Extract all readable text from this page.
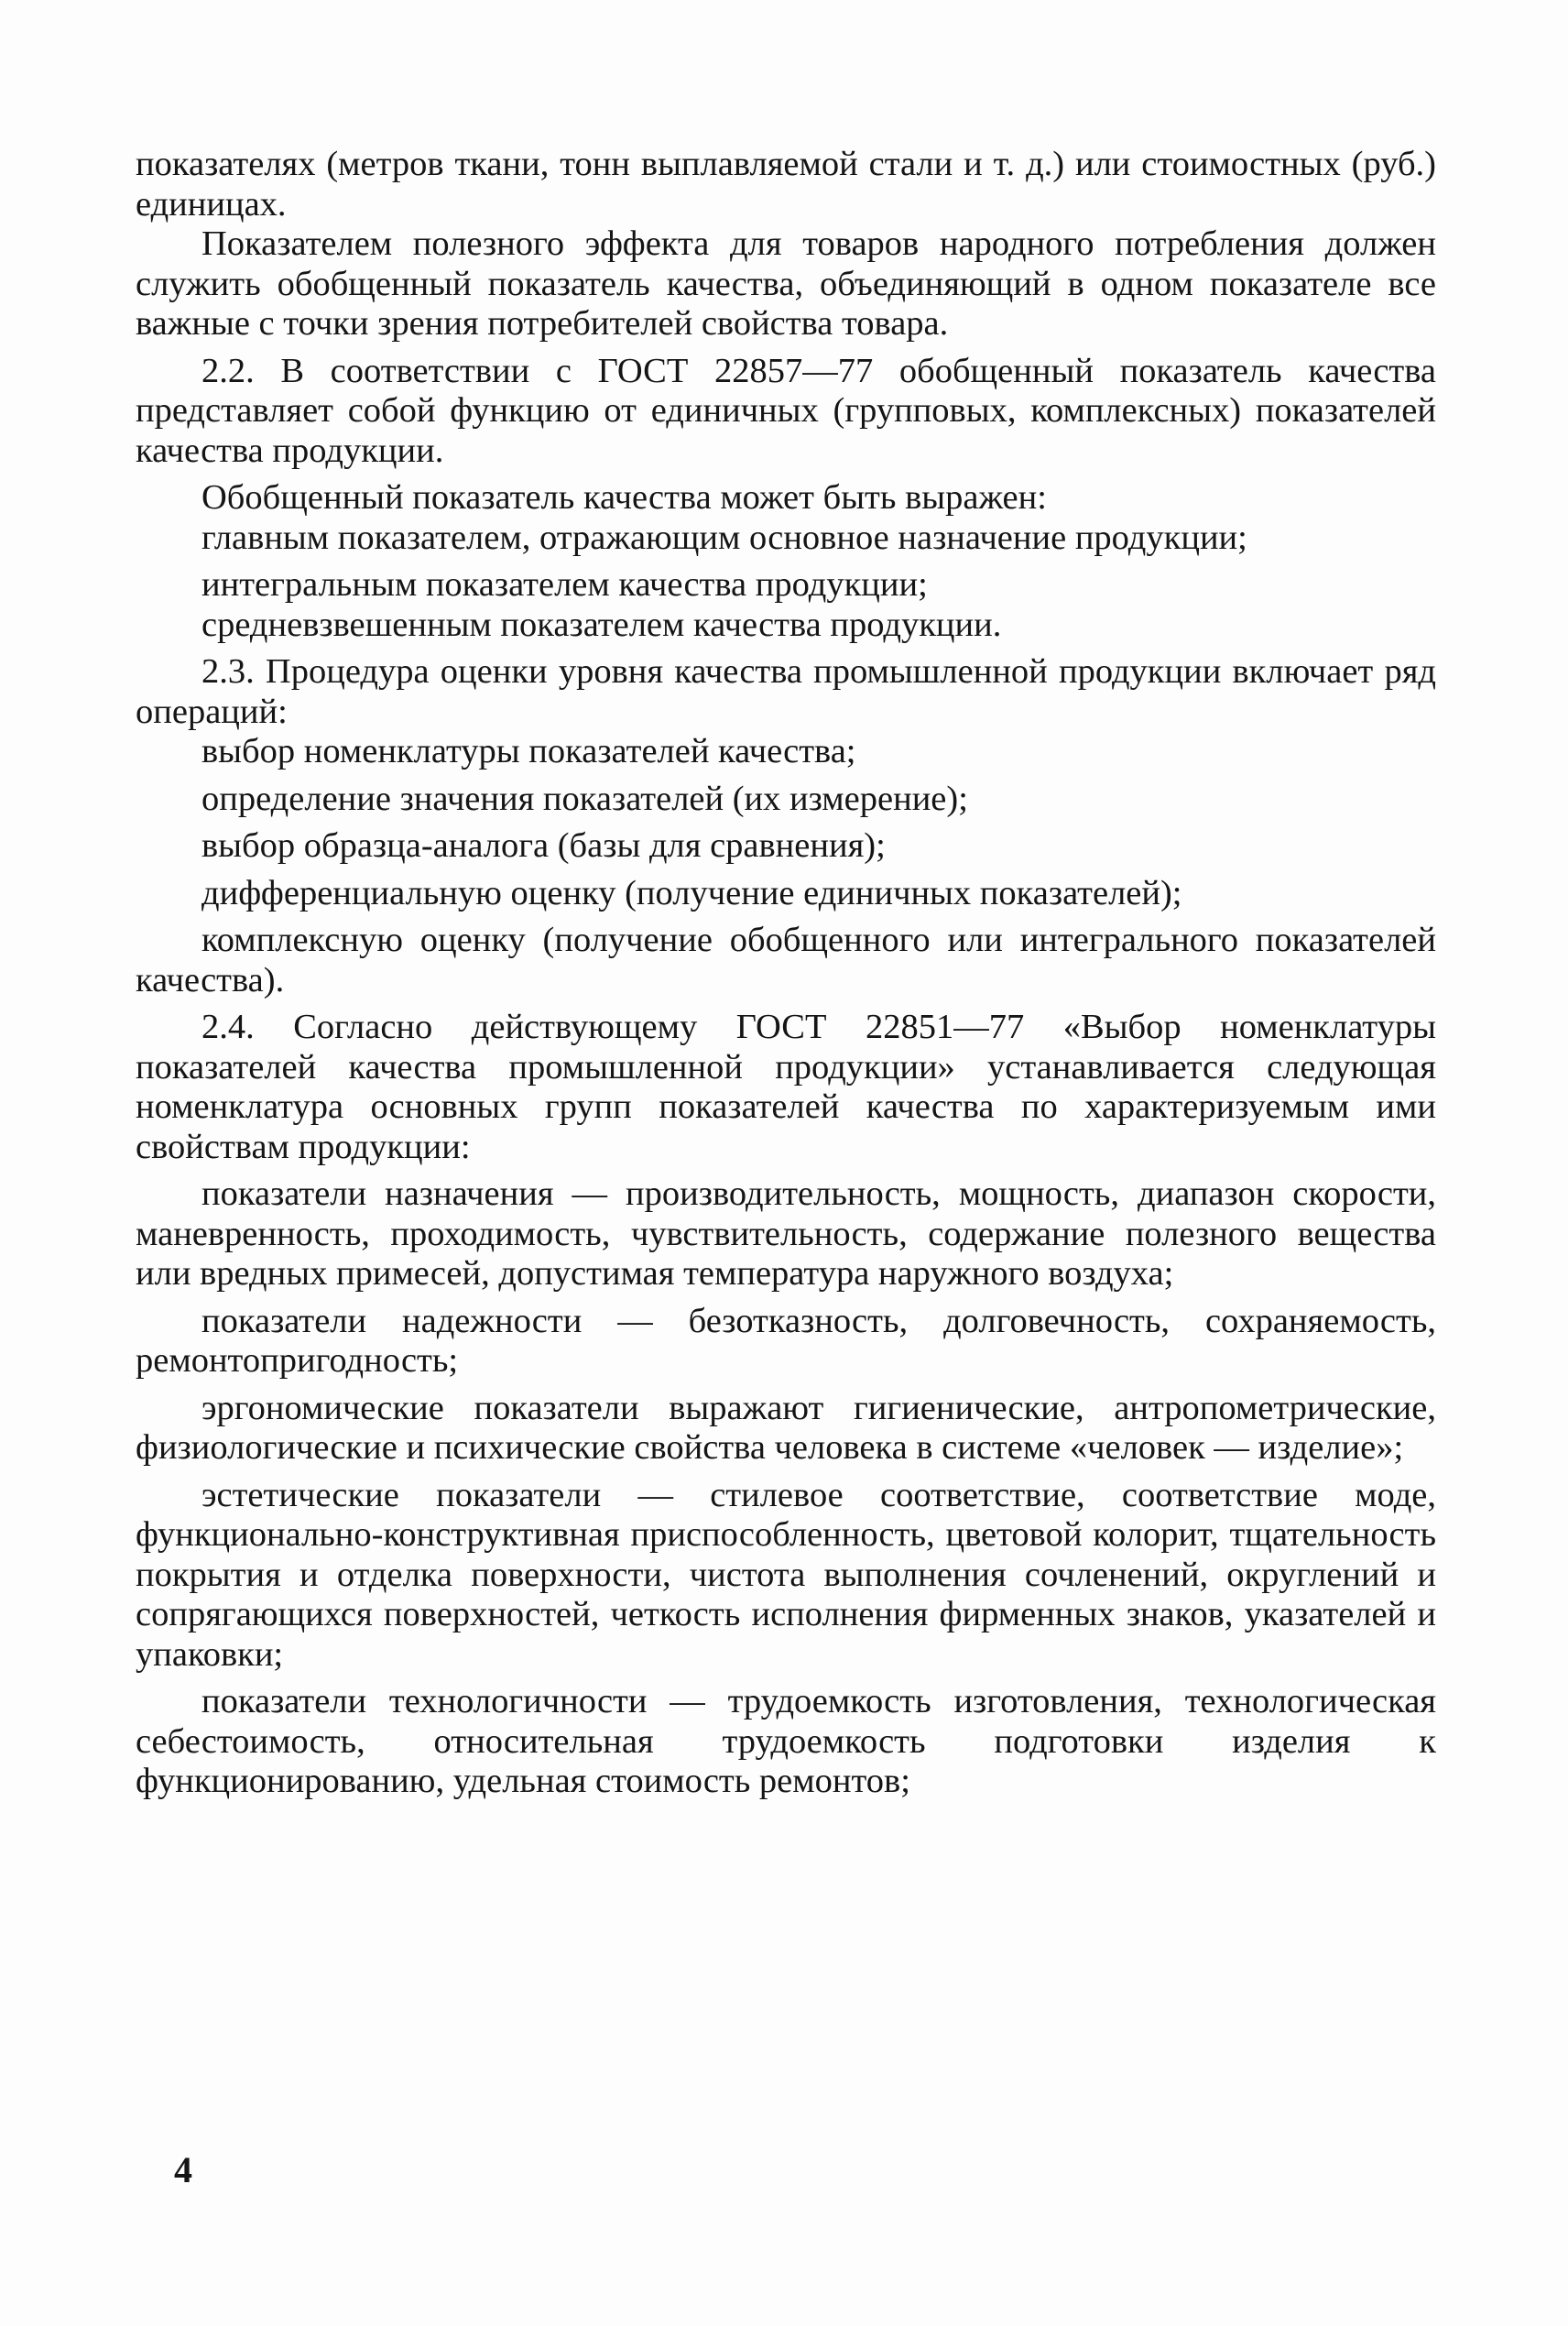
показателях (метров ткани, тонн выплавляемой стали и т. д.) или стоимостных (руб.) единицах.

Показателем полезного эффекта для товаров народного потребления должен служить обобщенный показатель качества, объединяющий в одном показателе все важные с точки зрения потребителей свойства товара.

2.2. В соответствии с ГОСТ 22857—77 обобщенный показатель качества представляет собой функцию от единичных (групповых, комплексных) показателей качества продукции.

Обобщенный показатель качества может быть выражен:

главным показателем, отражающим основное назначение продукции;

интегральным показателем качества продукции;

средневзвешенным показателем качества продукции.

2.3. Процедура оценки уровня качества промышленной продукции включает ряд операций:

выбор номенклатуры показателей качества;

определение значения показателей (их измерение);

выбор образца-аналога (базы для сравнения);

дифференциальную оценку (получение единичных показателей);

комплексную оценку (получение обобщенного или интегрального показателей качества).

2.4. Согласно действующему ГОСТ 22851—77 «Выбор номенклатуры показателей качества промышленной продукции» устанавливается следующая номенклатура основных групп показателей качества по характеризуемым ими свойствам продукции:

показатели назначения — производительность, мощность, диапазон скорости, маневренность, проходимость, чувствительность, содержание полезного вещества или вредных примесей, допустимая температура наружного воздуха;

показатели надежности — безотказность, долговечность, сохраняемость, ремонтопригодность;

эргономические показатели выражают гигиенические, антропометрические, физиологические и психические свойства человека в системе «человек — изделие»;

эстетические показатели — стилевое соответствие, соответствие моде, функционально-конструктивная приспособленность, цветовой колорит, тщательность покрытия и отделка поверхности, чистота выполнения сочленений, округлений и сопрягающихся поверхностей, четкость исполнения фирменных знаков, указателей и упаковки;

показатели технологичности — трудоемкость изготовления, технологическая себестоимость, относительная трудоемкость подготовки изделия к функционированию, удельная стоимость ремонтов;

4
